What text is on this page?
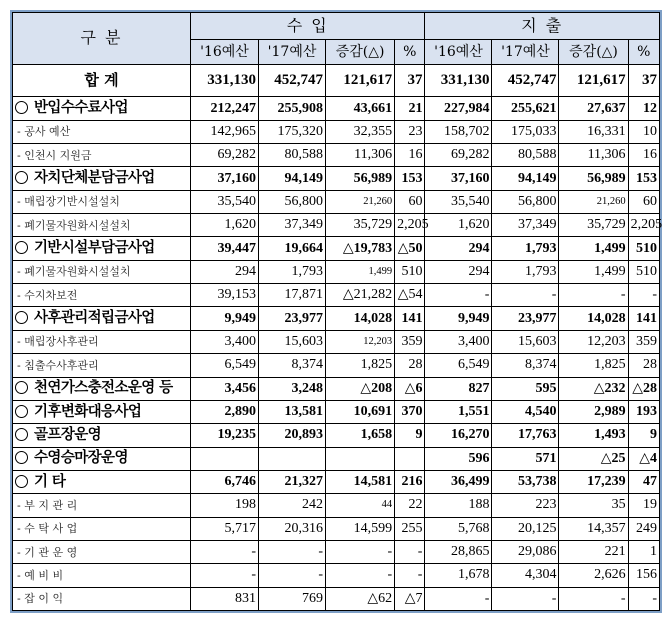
구 분	수 입				지 출			
	'16예산	'17예산	증감(△)	%	'16예산	'17예산	증감(△)	%
합 계	331,130	452,747	121,617	37	331,130	452,747	121,617	37
반입수수료사업	212,247	255,908	43,661	21	227,984	255,621	27,637	12
- 공사 예산	142,965	175,320	32,355	23	158,702	175,033	16,331	10
- 인천시 지원금	69,282	80,588	11,306	16	69,282	80,588	11,306	16
자치단체분담금사업	37,160	94,149	56,989	153	37,160	94,149	56,989	153
- 매립장기반시설설치	35,540	56,800	21,260	60	35,540	56,800	21,260	60
- 폐기물자원화시설설치	1,620	37,349	35,729	2,205	1,620	37,349	35,729	2,205
기반시설부담금사업	39,447	19,664	△19,783	△50	294	1,793	1,499	510
- 폐기물자원화시설설치	294	1,793	1,499	510	294	1,793	1,499	510
- 수지차보전	39,153	17,871	△21,282	△54	-	-	-	-
사후관리적립금사업	9,949	23,977	14,028	141	9,949	23,977	14,028	141
- 매립장사후관리	3,400	15,603	12,203	359	3,400	15,603	12,203	359
- 침출수사후관리	6,549	8,374	1,825	28	6,549	8,374	1,825	28
천연가스충전소운영 등	3,456	3,248	△208	△6	827	595	△232	△28
기후변화대응사업	2,890	13,581	10,691	370	1,551	4,540	2,989	193
골프장운영	19,235	20,893	1,658	9	16,270	17,763	1,493	9
수영승마장운영					596	571	△25	△4
기 타	6,746	21,327	14,581	216	36,499	53,738	17,239	47
- 부 지 관 리	198	242	44	22	188	223	35	19
- 수 탁 사 업	5,717	20,316	14,599	255	5,768	20,125	14,357	249
- 기 관 운 영	-	-	-	-	28,865	29,086	221	1
- 예 비 비	-	-	-	-	1,678	4,304	2,626	156
- 잡 이 익	831	769	△62	△7	-	-	-	-
